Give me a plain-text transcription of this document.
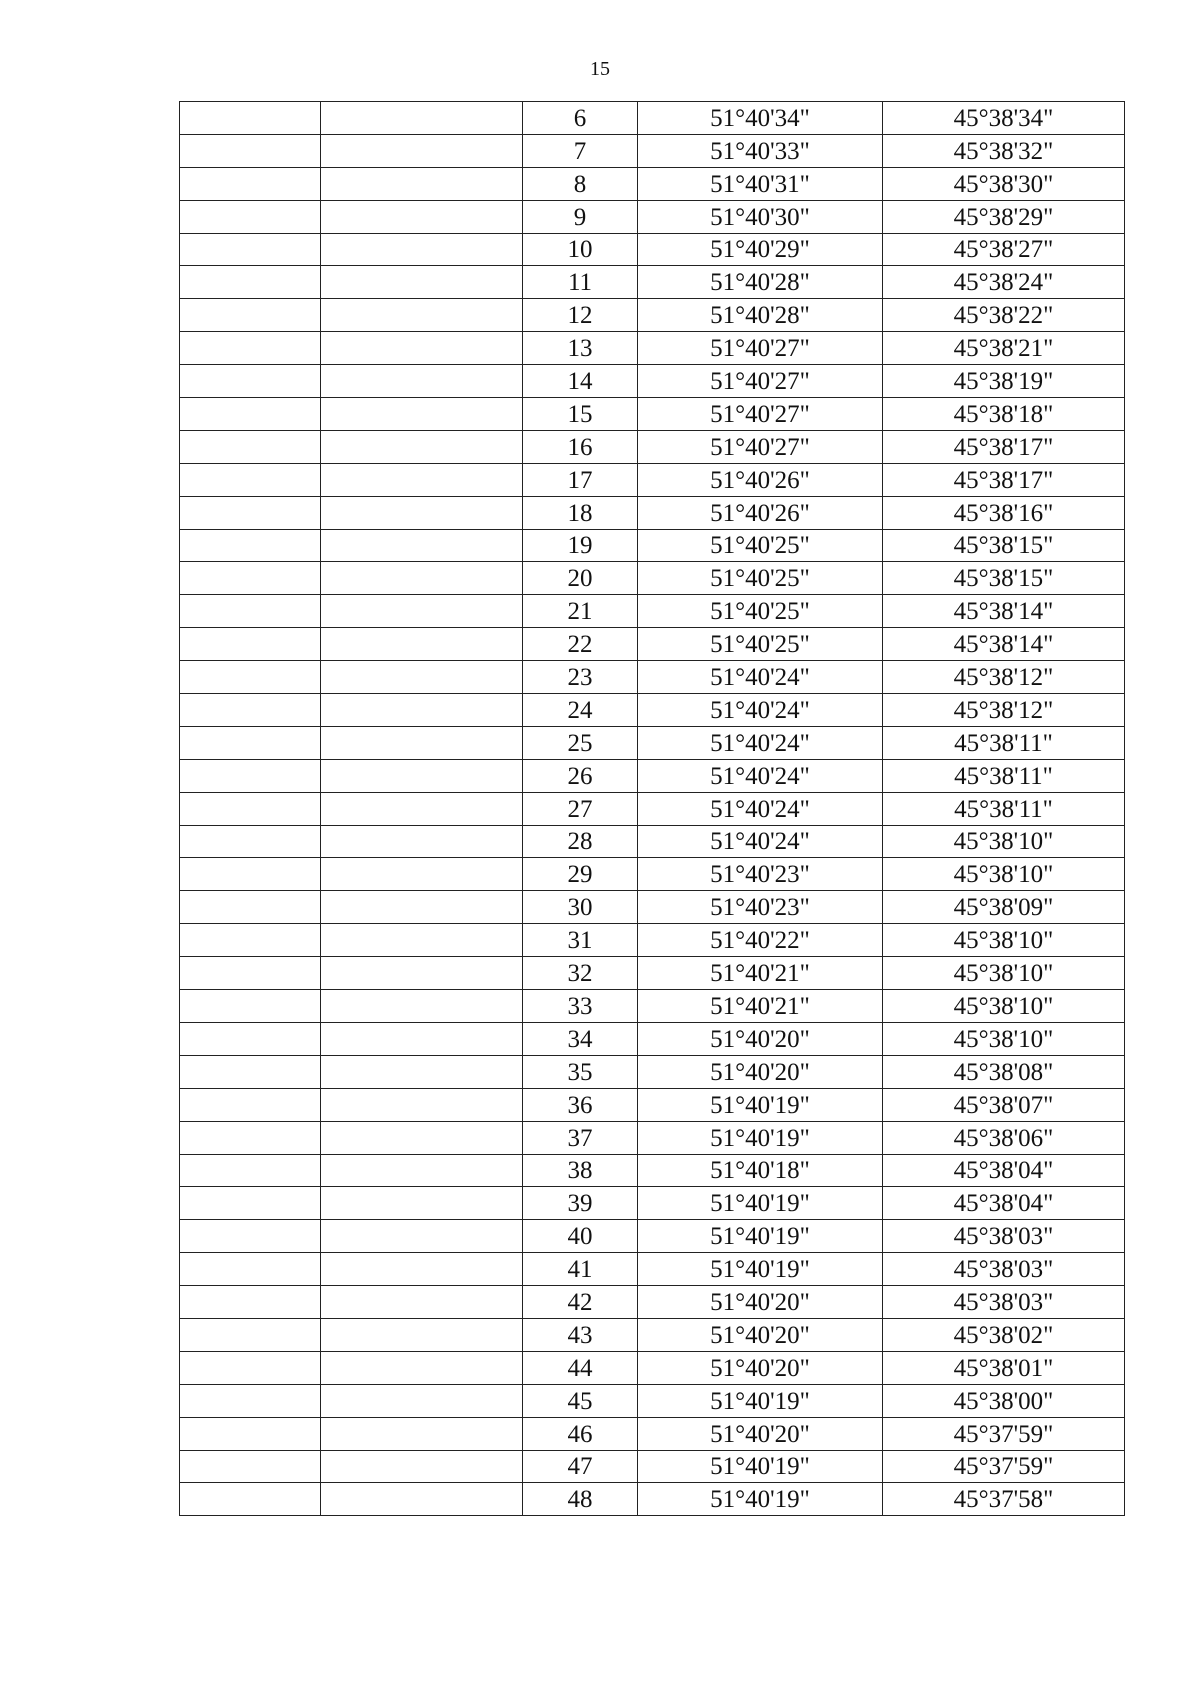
15
		6	51°40'34"	45°38'34"
		7	51°40'33"	45°38'32"
		8	51°40'31"	45°38'30"
		9	51°40'30"	45°38'29"
		10	51°40'29"	45°38'27"
		11	51°40'28"	45°38'24"
		12	51°40'28"	45°38'22"
		13	51°40'27"	45°38'21"
		14	51°40'27"	45°38'19"
		15	51°40'27"	45°38'18"
		16	51°40'27"	45°38'17"
		17	51°40'26"	45°38'17"
		18	51°40'26"	45°38'16"
		19	51°40'25"	45°38'15"
		20	51°40'25"	45°38'15"
		21	51°40'25"	45°38'14"
		22	51°40'25"	45°38'14"
		23	51°40'24"	45°38'12"
		24	51°40'24"	45°38'12"
		25	51°40'24"	45°38'11"
		26	51°40'24"	45°38'11"
		27	51°40'24"	45°38'11"
		28	51°40'24"	45°38'10"
		29	51°40'23"	45°38'10"
		30	51°40'23"	45°38'09"
		31	51°40'22"	45°38'10"
		32	51°40'21"	45°38'10"
		33	51°40'21"	45°38'10"
		34	51°40'20"	45°38'10"
		35	51°40'20"	45°38'08"
		36	51°40'19"	45°38'07"
		37	51°40'19"	45°38'06"
		38	51°40'18"	45°38'04"
		39	51°40'19"	45°38'04"
		40	51°40'19"	45°38'03"
		41	51°40'19"	45°38'03"
		42	51°40'20"	45°38'03"
		43	51°40'20"	45°38'02"
		44	51°40'20"	45°38'01"
		45	51°40'19"	45°38'00"
		46	51°40'20"	45°37'59"
		47	51°40'19"	45°37'59"
		48	51°40'19"	45°37'58"
